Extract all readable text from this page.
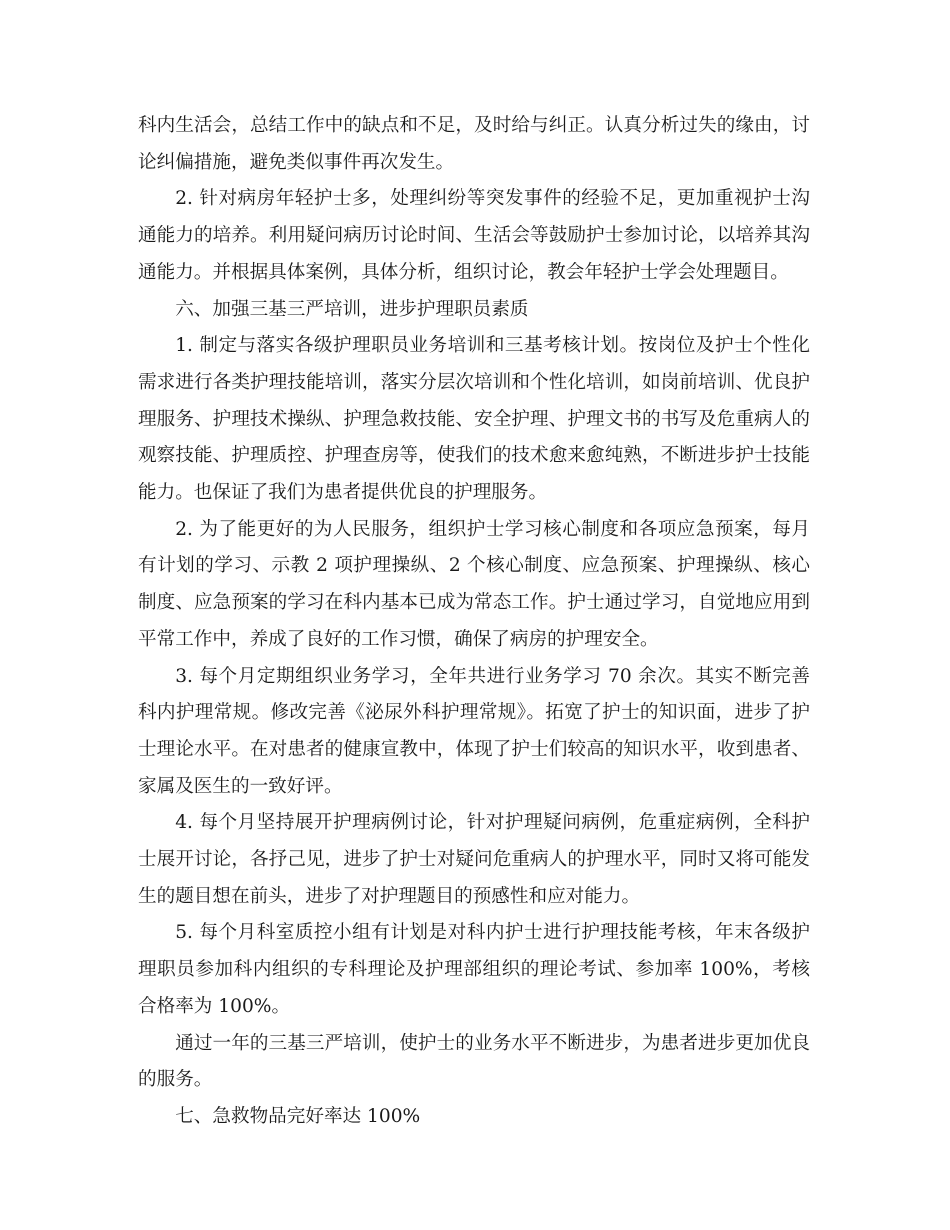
科内生活会，总结工作中的缺点和不足，及时给与纠正。认真分析过失的缘由，讨论纠偏措施，避免类似事件再次发生。

2. 针对病房年轻护士多，处理纠纷等突发事件的经验不足，更加重视护士沟通能力的培养。利用疑问病历讨论时间、生活会等鼓励护士参加讨论，以培养其沟通能力。并根据具体案例，具体分析，组织讨论，教会年轻护士学会处理题目。

六、加强三基三严培训，进步护理职员素质

1. 制定与落实各级护理职员业务培训和三基考核计划。按岗位及护士个性化需求进行各类护理技能培训，落实分层次培训和个性化培训，如岗前培训、优良护理服务、护理技术操纵、护理急救技能、安全护理、护理文书的书写及危重病人的观察技能、护理质控、护理查房等，使我们的技术愈来愈纯熟，不断进步护士技能能力。也保证了我们为患者提供优良的护理服务。

2. 为了能更好的为人民服务，组织护士学习核心制度和各项应急预案，每月有计划的学习、示教 2 项护理操纵、2 个核心制度、应急预案、护理操纵、核心制度、应急预案的学习在科内基本已成为常态工作。护士通过学习，自觉地应用到平常工作中，养成了良好的工作习惯，确保了病房的护理安全。

3. 每个月定期组织业务学习，全年共进行业务学习 70 余次。其实不断完善科内护理常规。修改完善《泌尿外科护理常规》。拓宽了护士的知识面，进步了护士理论水平。在对患者的健康宣教中，体现了护士们较高的知识水平，收到患者、家属及医生的一致好评。

4. 每个月坚持展开护理病例讨论，针对护理疑问病例，危重症病例，全科护士展开讨论，各抒己见，进步了护士对疑问危重病人的护理水平，同时又将可能发生的题目想在前头，进步了对护理题目的预感性和应对能力。

5. 每个月科室质控小组有计划是对科内护士进行护理技能考核，年末各级护理职员参加科内组织的专科理论及护理部组织的理论考试、参加率 100%，考核合格率为 100%。

通过一年的三基三严培训，使护士的业务水平不断进步，为患者进步更加优良的服务。

七、急救物品完好率达 100%
